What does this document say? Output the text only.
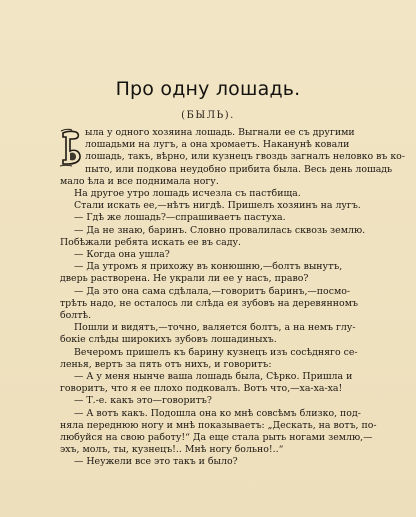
Про одну лошадь.
(БЫЛЬ).
ыла у одного хозяина лошадь. Выгнали ее съ другими
лошадьми на лугъ, а она хромаетъ. Наканунѣ ковали
лошадь, такъ, вѣрно, или кузнецъ гвоздь загналъ неловко въ ко-
пыто, или подкова неудобно прибита была. Весь день лошадь
мало ѣла и все поднимала ногу.
На другое утро лошадь исчезла съ пастбища.
Стали искать ее,—нѣтъ нигдѣ. Пришелъ хозяинъ на лугъ.
— Гдѣ же лошадь?—спрашиваетъ пастуха.
— Да не знаю, баринъ. Словно провалилась сквозь землю.
Побѣжали ребята искать ее въ саду.
— Когда она ушла?
— Да утромъ я прихожу въ конюшню,—болтъ вынутъ,
дверь растворена. Не украли ли ее у насъ, право?
— Да это она сама сдѣлала,—говоритъ баринъ,—посмо-
трѣть надо, не осталось ли слѣда ея зубовъ на деревянномъ
болтѣ.
Пошли и видятъ,—точно, валяется болтъ, а на немъ глу-
бокіе слѣды широкихъ зубовъ лошадиныхъ.
Вечеромъ пришелъ къ барину кузнецъ изъ сосѣдняго се-
ленья, вертъ за пять отъ нихъ, и говоритъ:
— А у меня нынче ваша лошадь была, Сѣрко. Пришла и
говоритъ, что я ее плохо подковалъ. Вотъ что,—ха-ха-ха!
— Т.-е. какъ это—говоритъ?
— А вотъ какъ. Подошла она ко мнѣ совсѣмъ близко, под-
няла переднюю ногу и мнѣ показываетъ: „Дескать, на вотъ, по-
любуйся на свою работу!“ Да еще стала рыть ногами землю,—
эхъ, молъ, ты, кузнецъ!.. Мнѣ ногу больно!..“
— Неужели все это такъ и было?
